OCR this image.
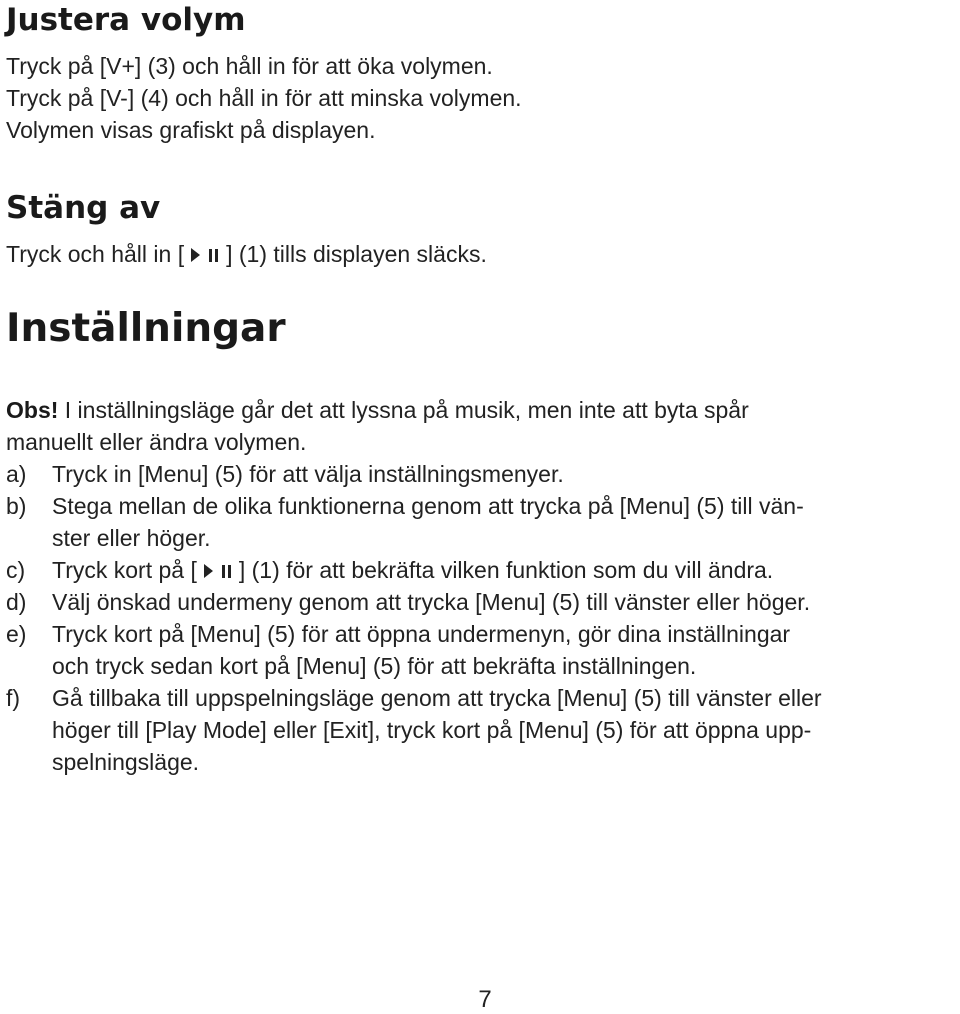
Justera volym
Tryck på [V+] (3) och håll in för att öka volymen.
Tryck på [V-] (4) och håll in för att minska volymen.
Volymen visas grafiskt på displayen.
Stäng av
Tryck och håll in [ ] (1) tills displayen släcks.
Inställningar
Obs! I inställningsläge går det att lyssna på musik, men inte att byta spår
manuellt eller ändra volymen.
a)	Tryck in [Menu] (5) för att välja inställningsmenyer.
b)	Stega mellan de olika funktionerna genom att trycka på [Menu] (5) till vän-
ster eller höger.
c)	Tryck kort på [ ] (1) för att bekräfta vilken funktion som du vill ändra.
d)	Välj önskad undermeny genom att trycka [Menu] (5) till vänster eller höger.
e)	Tryck kort på [Menu] (5) för att öppna undermenyn, gör dina inställningar
och tryck sedan kort på [Menu] (5) för att bekräfta inställningen.
f)	Gå tillbaka till uppspelningsläge genom att trycka [Menu] (5) till vänster eller
höger till [Play Mode] eller [Exit], tryck kort på [Menu] (5) för att öppna upp-
spelningsläge.
7
